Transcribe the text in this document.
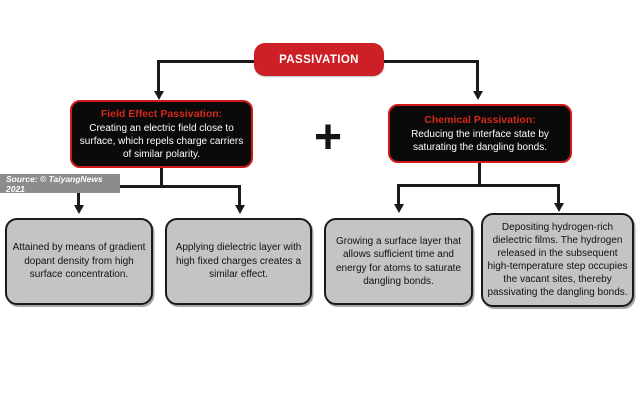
PASSIVATION
Field Effect Passivation:
Creating an electric field close to surface, which repels charge carriers of similar polarity.	+	Chemical Passivation:
Reducing the interface state by saturating the dangling bonds.
Source: © TaiyangNews 2021
Attained by means of gradient dopant density from high surface concentration.
Applying dielectric layer with high fixed charges creates a similar effect.
Growing a surface layer that allows sufficient time and energy for atoms to saturate dangling bonds.
Depositing hydrogen-rich dielectric films. The hydrogen released in the subsequent high-temperature step occupies the vacant sites, thereby passivating the dangling bonds.
